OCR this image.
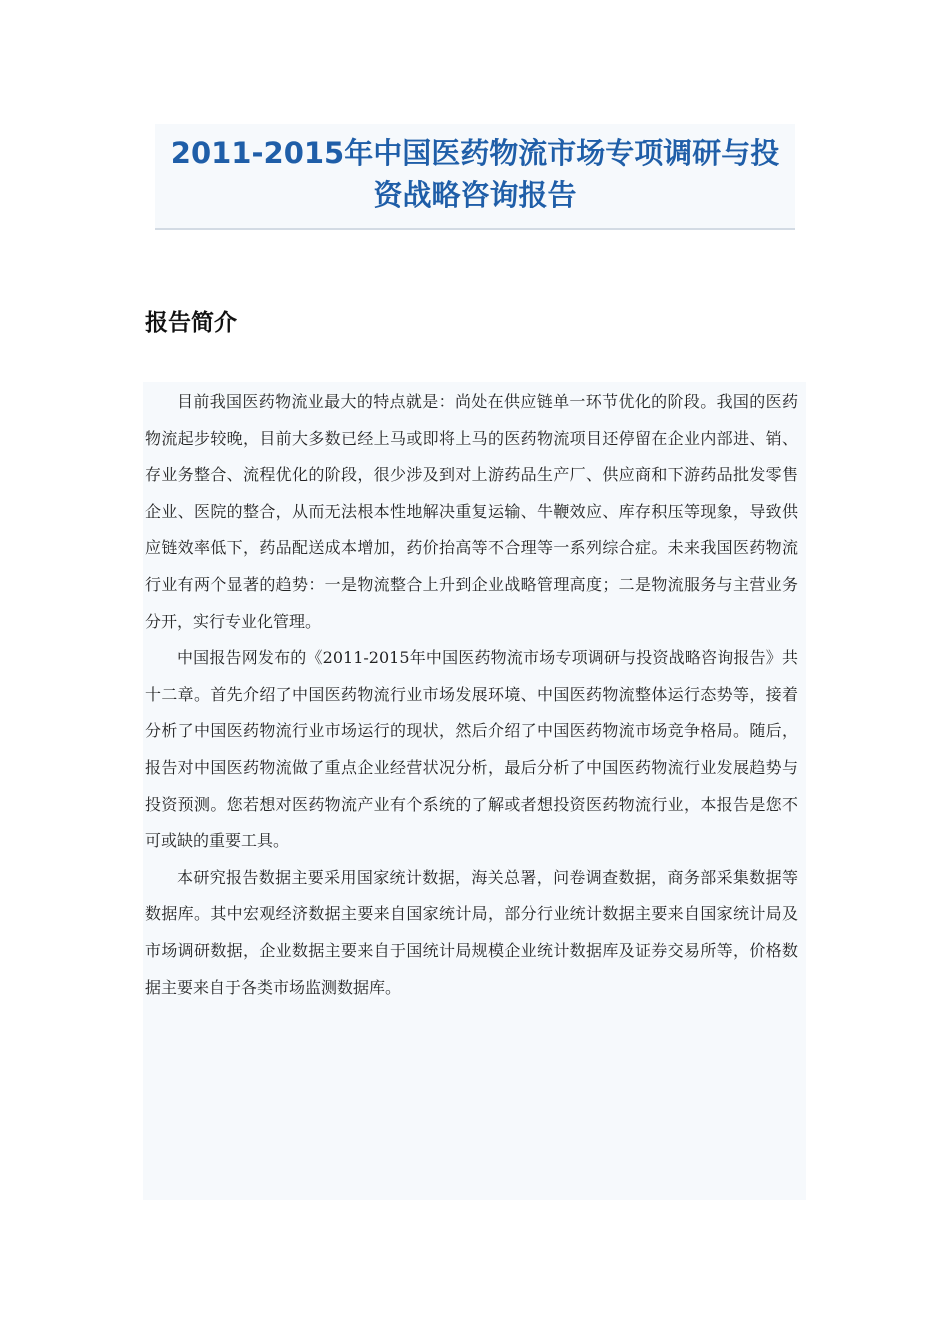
2011-2015年中国医药物流市场专项调研与投
资战略咨询报告
报告简介

目前我国医药物流业最大的特点就是：尚处在供应链单一环节优化的阶段。我国的医药物流起步较晚，目前大多数已经上马或即将上马的医药物流项目还停留在企业内部进、销、存业务整合、流程优化的阶段，很少涉及到对上游药品生产厂、供应商和下游药品批发零售企业、医院的整合，从而无法根本性地解决重复运输、牛鞭效应、库存积压等现象，导致供应链效率低下，药品配送成本增加，药价抬高等不合理等一系列综合症。未来我国医药物流行业有两个显著的趋势：一是物流整合上升到企业战略管理高度；二是物流服务与主营业务分开，实行专业化管理。

中国报告网发布的《2011-2015年中国医药物流市场专项调研与投资战略咨询报告》共十二章。首先介绍了中国医药物流行业市场发展环境、中国医药物流整体运行态势等，接着分析了中国医药物流行业市场运行的现状，然后介绍了中国医药物流市场竞争格局。随后，报告对中国医药物流做了重点企业经营状况分析，最后分析了中国医药物流行业发展趋势与投资预测。您若想对医药物流产业有个系统的了解或者想投资医药物流行业，本报告是您不可或缺的重要工具。

本研究报告数据主要采用国家统计数据，海关总署，问卷调查数据，商务部采集数据等数据库。其中宏观经济数据主要来自国家统计局，部分行业统计数据主要来自国家统计局及市场调研数据，企业数据主要来自于国统计局规模企业统计数据库及证券交易所等，价格数据主要来自于各类市场监测数据库。
